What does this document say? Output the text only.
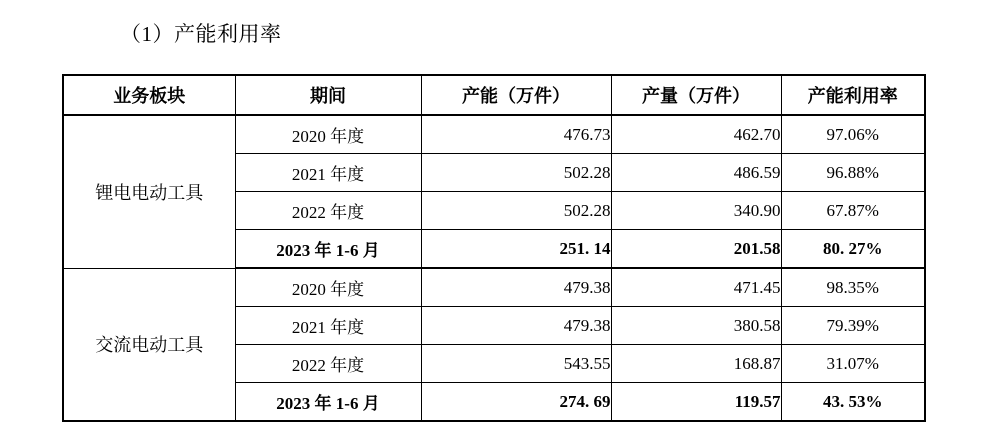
（1）产能利用率
业务板块	期间	产能（万件）	产量（万件）	产能利用率
锂电电动工具	2020 年度	476.73	462.70	97.06%
	2021 年度	502.28	486.59	96.88%
	2022 年度	502.28	340.90	67.87%
	2023 年 1-6 月	251. 14	201.58	80. 27%
交流电动工具	2020 年度	479.38	471.45	98.35%
	2021 年度	479.38	380.58	79.39%
	2022 年度	543.55	168.87	31.07%
	2023 年 1-6 月	274. 69	119.57	43. 53%
